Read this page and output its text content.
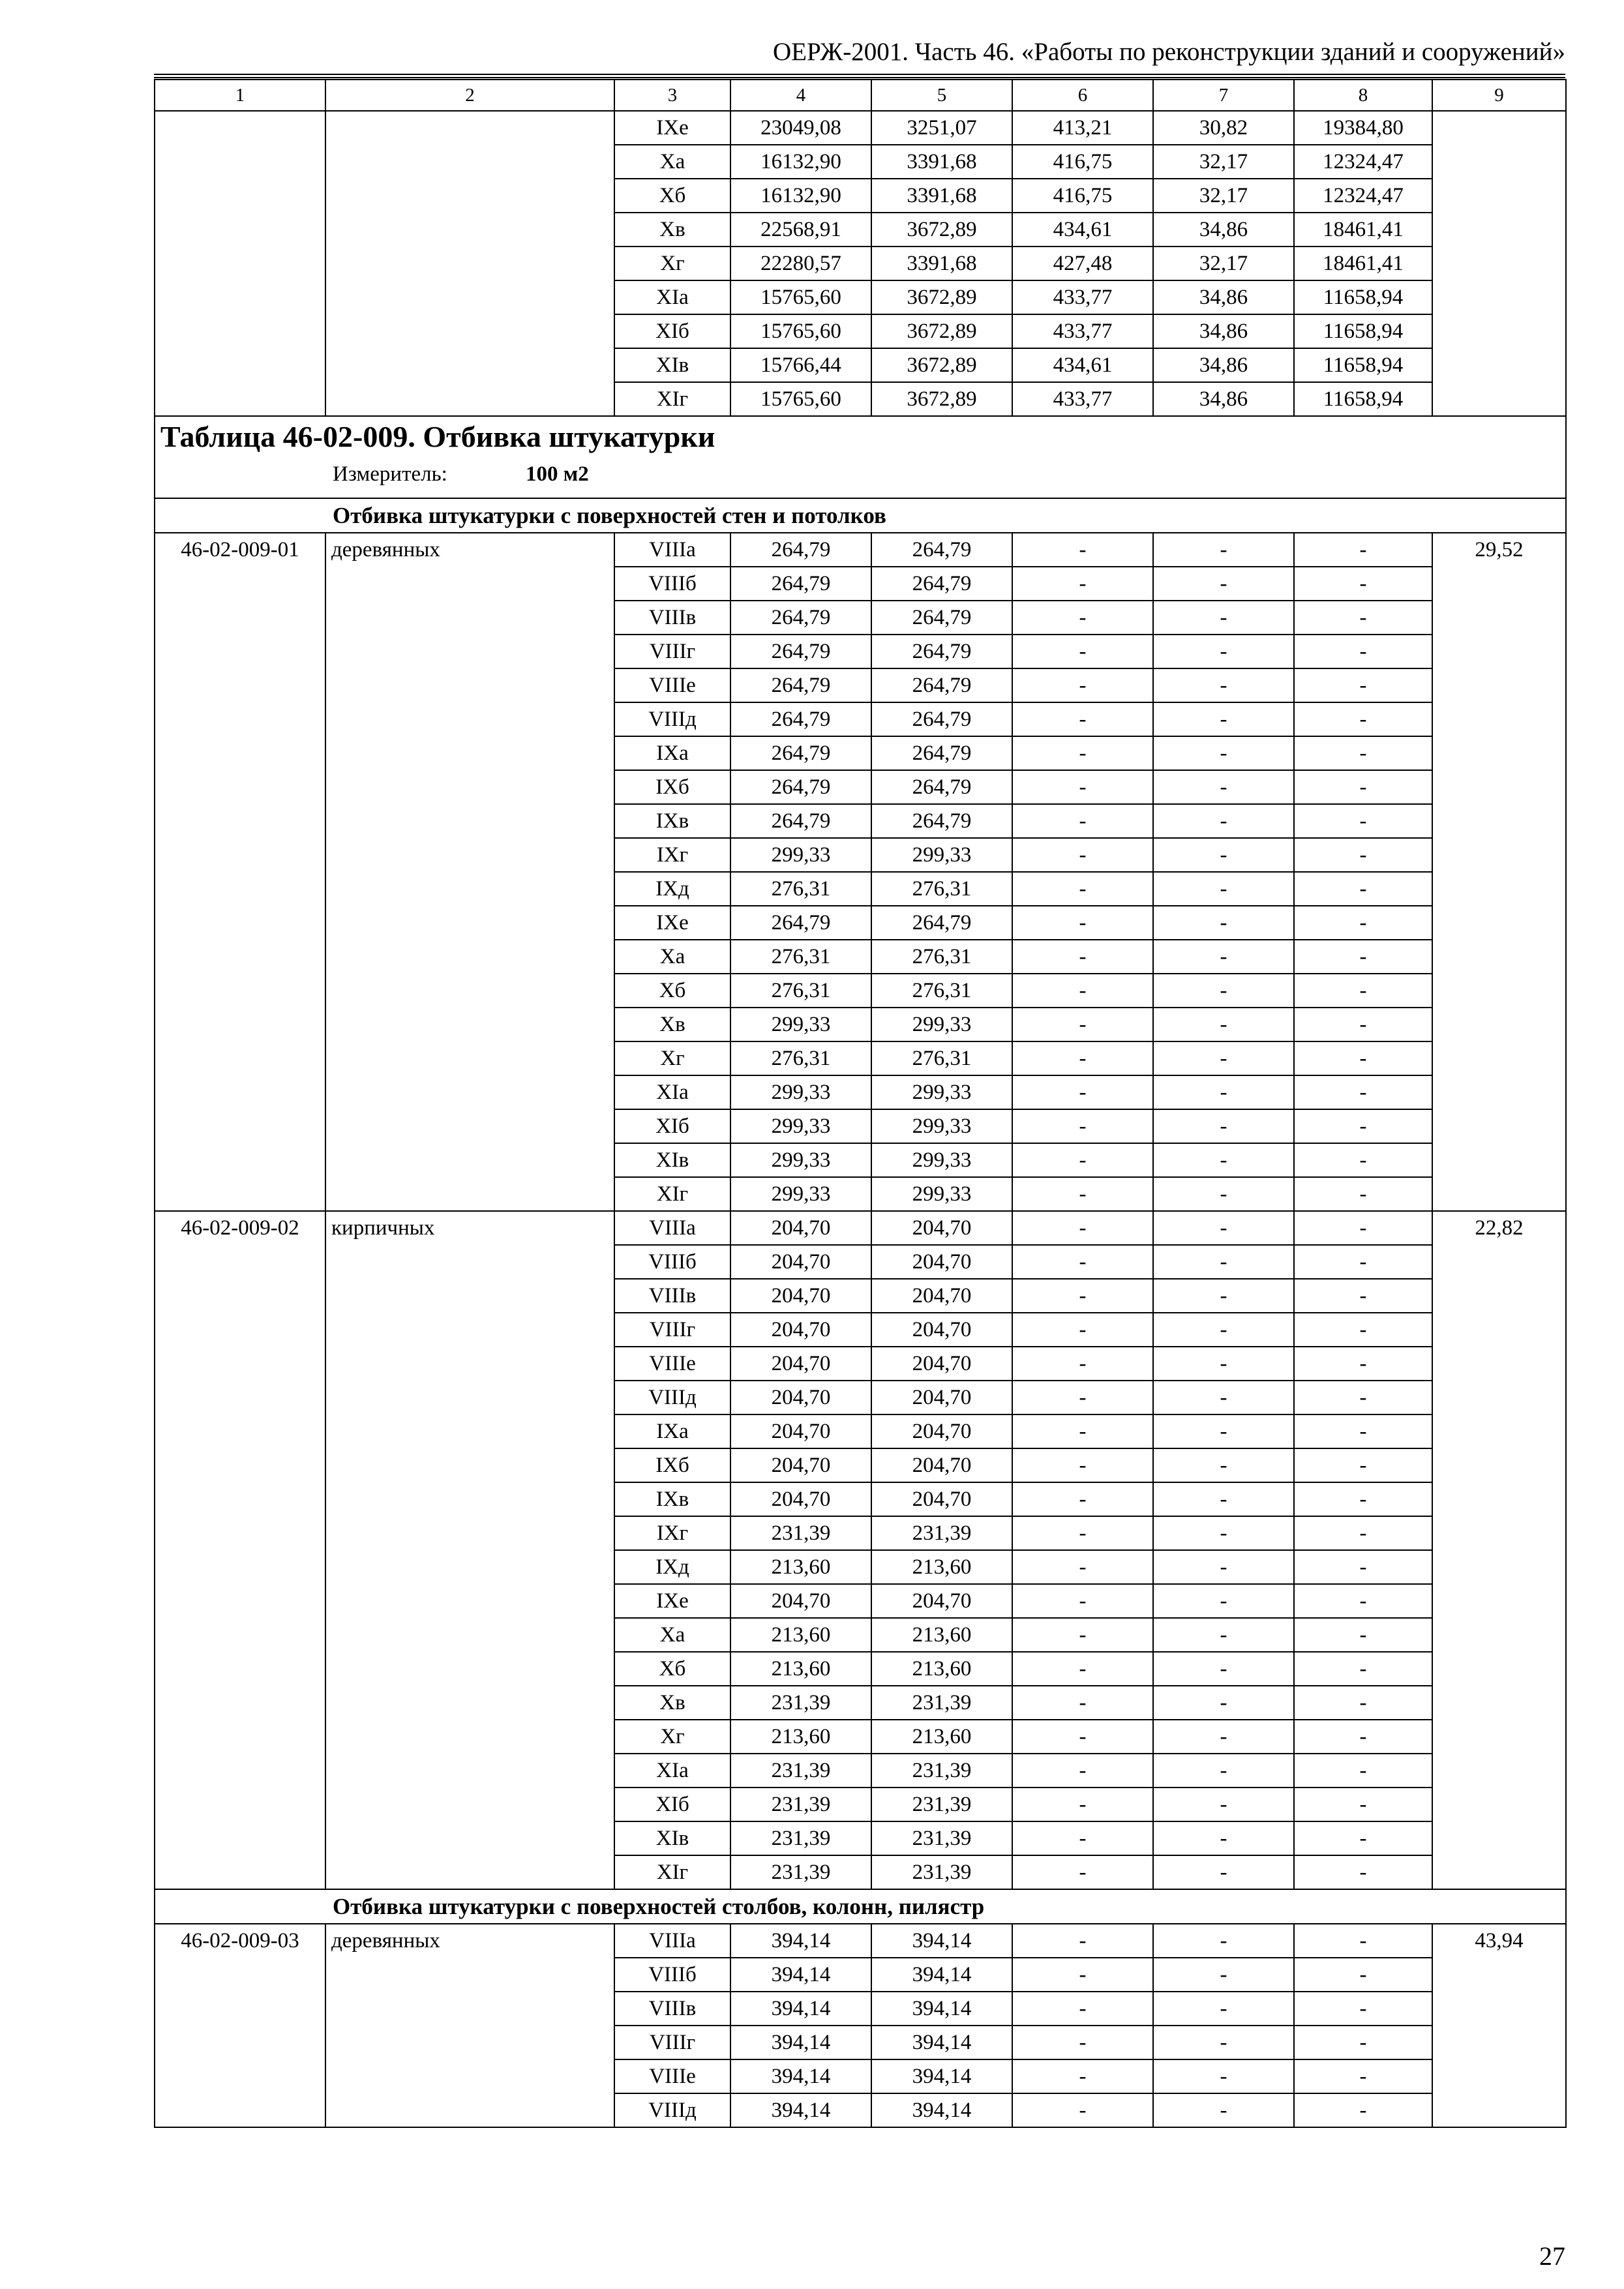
ОЕРЖ-2001. Часть 46. «Работы по реконструкции зданий и сооружений»
1	2	3	4	5	6	7	8	9
		IXе	23049,08	3251,07	413,21	30,82	19384,80	
		Xа	16132,90	3391,68	416,75	32,17	12324,47	
		Xб	16132,90	3391,68	416,75	32,17	12324,47	
		Xв	22568,91	3672,89	434,61	34,86	18461,41	
		Xг	22280,57	3391,68	427,48	32,17	18461,41	
		XIа	15765,60	3672,89	433,77	34,86	11658,94	
		XIб	15765,60	3672,89	433,77	34,86	11658,94	
		XIв	15766,44	3672,89	434,61	34,86	11658,94	
		XIг	15765,60	3672,89	433,77	34,86	11658,94	

Таблица 46-02-009. Отбивка штукатурки
Измеритель: 100 м2								

Отбивка штукатурки с поверхностей стен и потолков								
46-02-009-01	деревянных	VIIIа	264,79	264,79	-	-	-	29,52
		VIIIб	264,79	264,79	-	-	-	
		VIIIв	264,79	264,79	-	-	-	
		VIIIг	264,79	264,79	-	-	-	
		VIIIе	264,79	264,79	-	-	-	
		VIIIд	264,79	264,79	-	-	-	
		IXа	264,79	264,79	-	-	-	
		IXб	264,79	264,79	-	-	-	
		IXв	264,79	264,79	-	-	-	
		IXг	299,33	299,33	-	-	-	
		IXд	276,31	276,31	-	-	-	
		IXе	264,79	264,79	-	-	-	
		Xа	276,31	276,31	-	-	-	
		Xб	276,31	276,31	-	-	-	
		Xв	299,33	299,33	-	-	-	
		Xг	276,31	276,31	-	-	-	
		XIа	299,33	299,33	-	-	-	
		XIб	299,33	299,33	-	-	-	
		XIв	299,33	299,33	-	-	-	
		XIг	299,33	299,33	-	-	-	
46-02-009-02	кирпичных	VIIIа	204,70	204,70	-	-	-	22,82
		VIIIб	204,70	204,70	-	-	-	
		VIIIв	204,70	204,70	-	-	-	
		VIIIг	204,70	204,70	-	-	-	
		VIIIе	204,70	204,70	-	-	-	
		VIIIд	204,70	204,70	-	-	-	
		IXа	204,70	204,70	-	-	-	
		IXб	204,70	204,70	-	-	-	
		IXв	204,70	204,70	-	-	-	
		IXг	231,39	231,39	-	-	-	
		IXд	213,60	213,60	-	-	-	
		IXе	204,70	204,70	-	-	-	
		Xа	213,60	213,60	-	-	-	
		Xб	213,60	213,60	-	-	-	
		Xв	231,39	231,39	-	-	-	
		Xг	213,60	213,60	-	-	-	
		XIа	231,39	231,39	-	-	-	
		XIб	231,39	231,39	-	-	-	
		XIв	231,39	231,39	-	-	-	
		XIг	231,39	231,39	-	-	-	
Отбивка штукатурки с поверхностей столбов, колонн, пилястр								
46-02-009-03	деревянных	VIIIа	394,14	394,14	-	-	-	43,94
		VIIIб	394,14	394,14	-	-	-	
		VIIIв	394,14	394,14	-	-	-	
		VIIIг	394,14	394,14	-	-	-	
		VIIIе	394,14	394,14	-	-	-	
		VIIIд	394,14	394,14	-	-	-	
27
